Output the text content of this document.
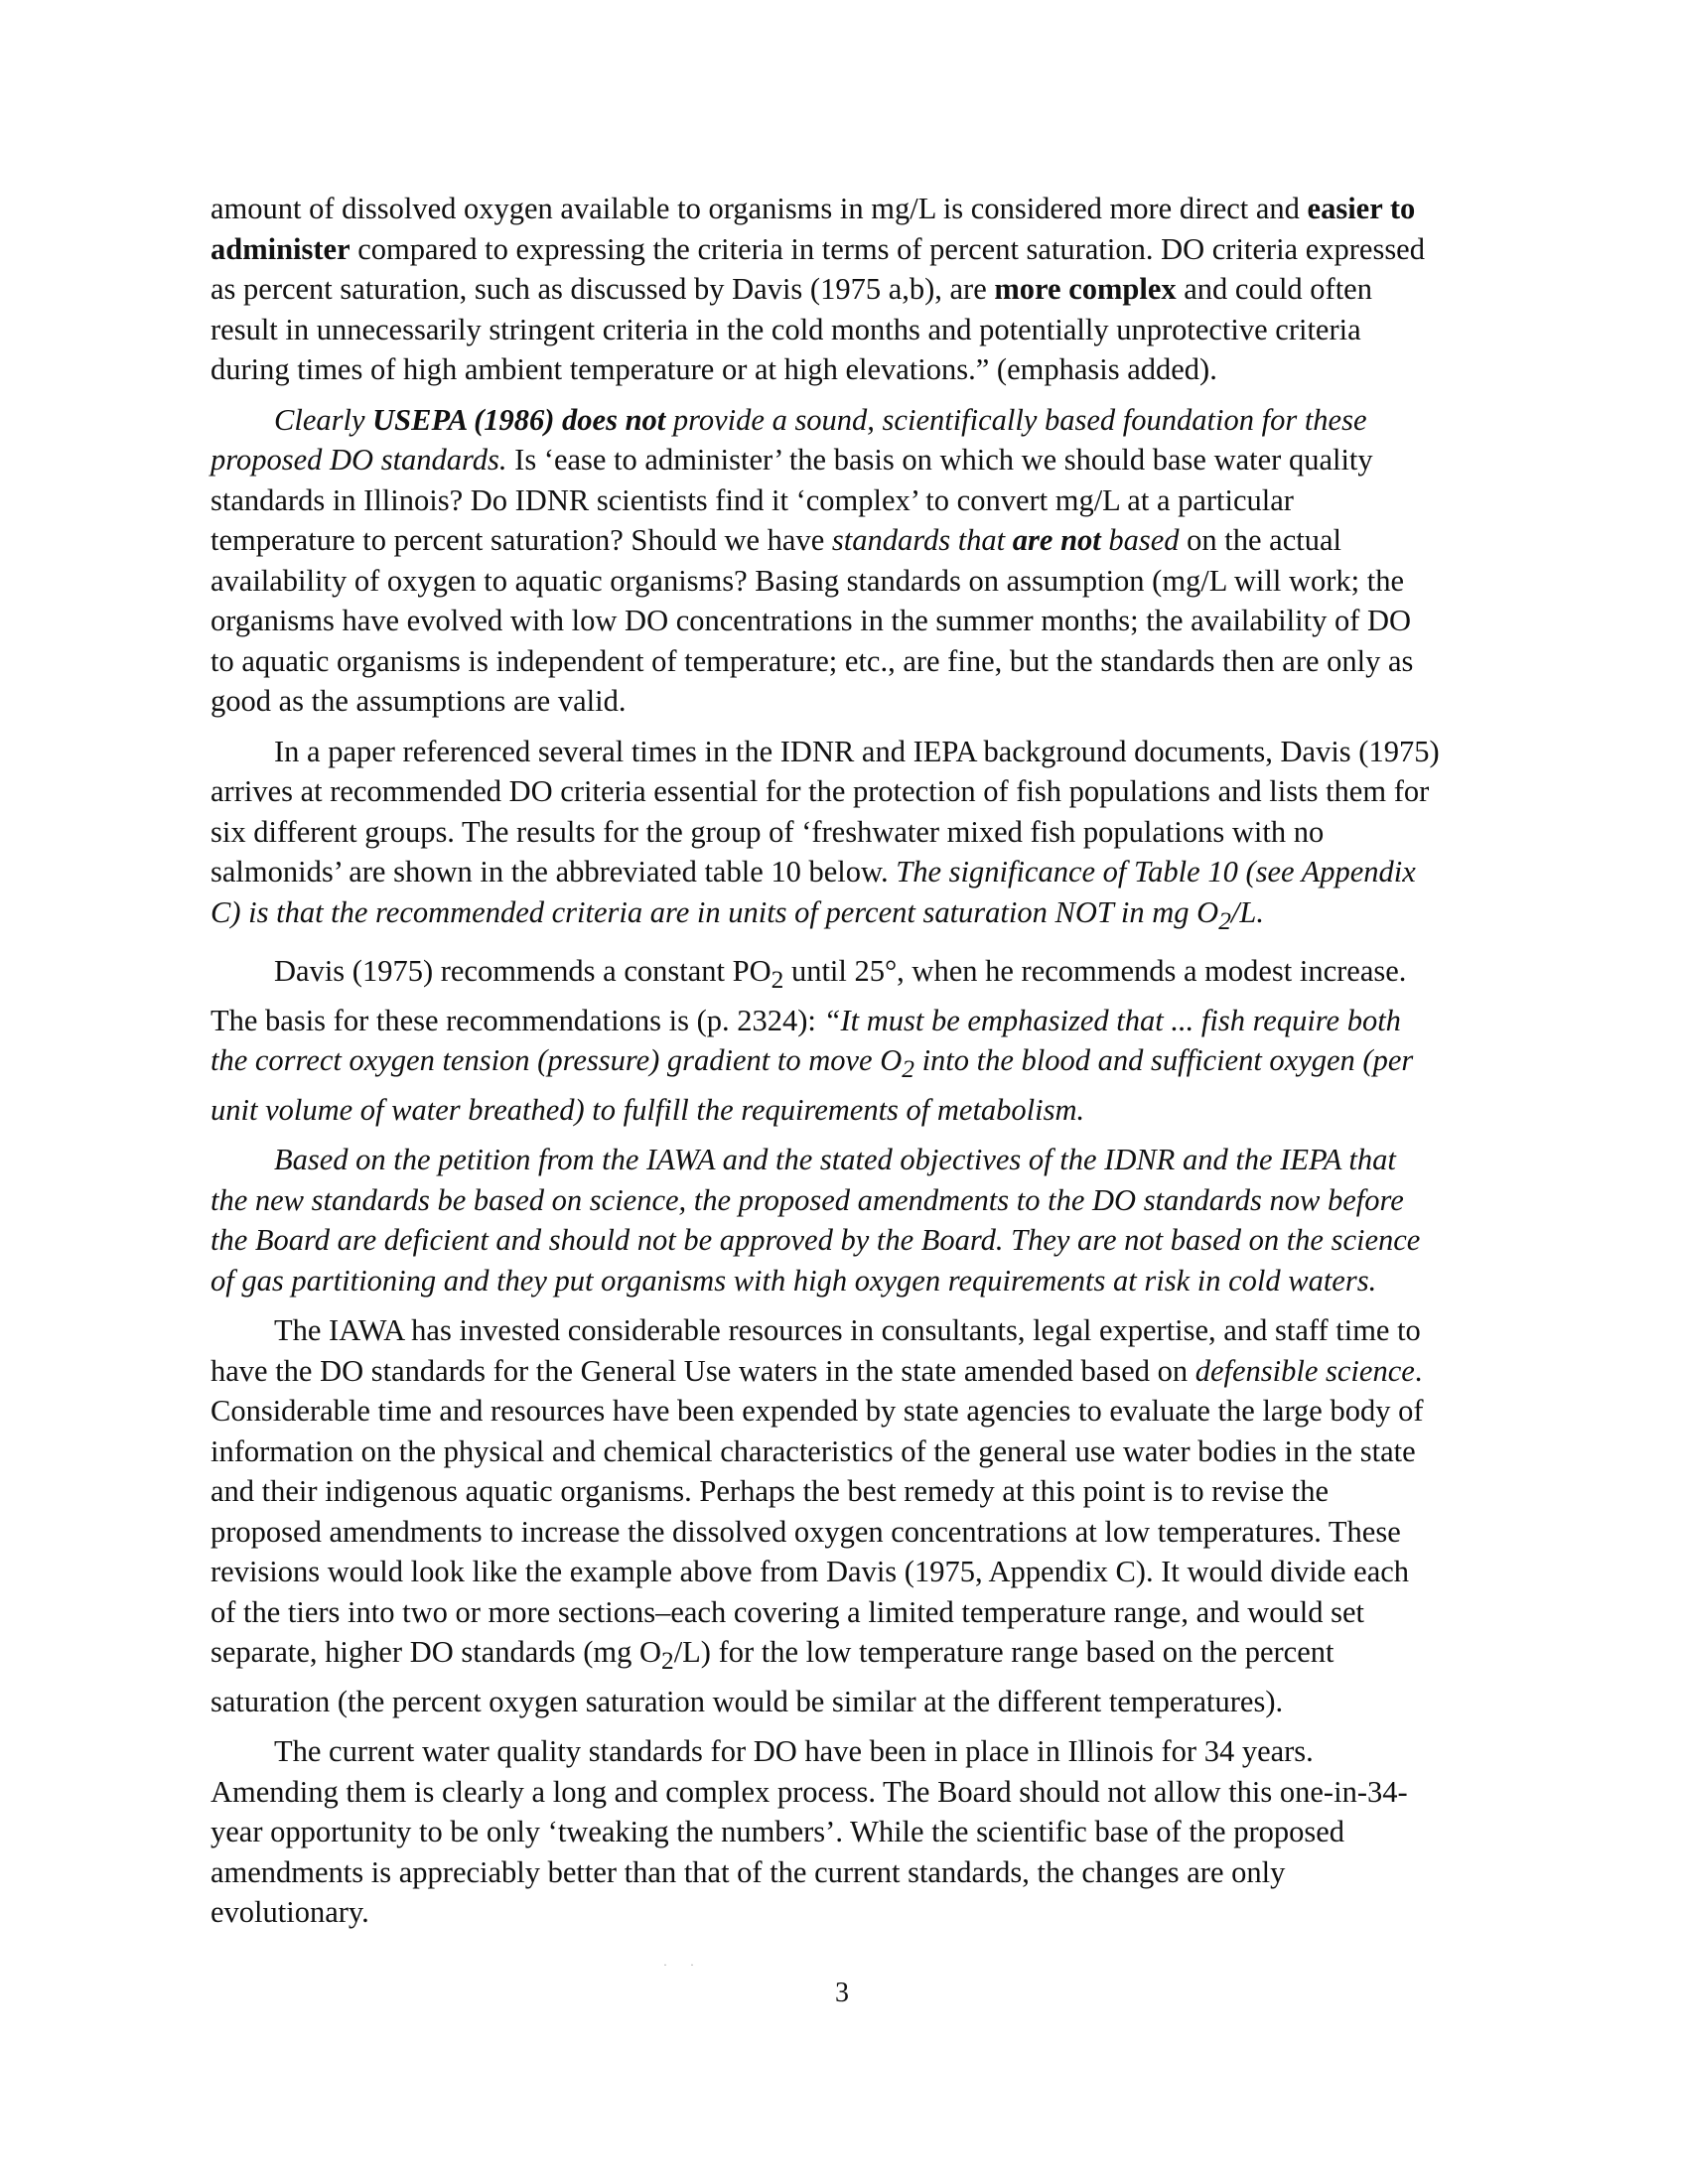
amount of dissolved oxygen available to organisms in mg/L is considered more direct and easier to
administer compared to expressing the criteria in terms of percent saturation. DO criteria expressed
as percent saturation, such as discussed by Davis (1975 a,b), are more complex and could often
result in unnecessarily stringent criteria in the cold months and potentially unprotective criteria
during times of high ambient temperature or at high elevations.” (emphasis added).
Clearly USEPA (1986) does not provide a sound, scientifically based foundation for these
proposed DO standards. Is ‘ease to administer’ the basis on which we should base water quality
standards in Illinois? Do IDNR scientists find it ‘complex’ to convert mg/L at a particular
temperature to percent saturation? Should we have standards that are not based on the actual
availability of oxygen to aquatic organisms? Basing standards on assumption (mg/L will work; the
organisms have evolved with low DO concentrations in the summer months; the availability of DO
to aquatic organisms is independent of temperature; etc., are fine, but the standards then are only as
good as the assumptions are valid.
In a paper referenced several times in the IDNR and IEPA background documents, Davis (1975)
arrives at recommended DO criteria essential for the protection of fish populations and lists them for
six different groups. The results for the group of ‘freshwater mixed fish populations with no
salmonids’ are shown in the abbreviated table 10 below. The significance of Table 10 (see Appendix
C) is that the recommended criteria are in units of percent saturation NOT in mg $O_2/L$.
Davis (1975) recommends a constant $PO_2$ until 25°, when he recommends a modest increase.
The basis for these recommendations is (p. 2324): “It must be emphasized that ... fish require both
the correct oxygen tension (pressure) gradient to move $O_2$ into the blood and sufficient oxygen (per
unit volume of water breathed) to fulfill the requirements of metabolism.
Based on the petition from the IAWA and the stated objectives of the IDNR and the IEPA that
the new standards be based on science, the proposed amendments to the DO standards now before
the Board are deficient and should not be approved by the Board. They are not based on the science
of gas partitioning and they put organisms with high oxygen requirements at risk in cold waters.
The IAWA has invested considerable resources in consultants, legal expertise, and staff time to
have the DO standards for the General Use waters in the state amended based on defensible science.
Considerable time and resources have been expended by state agencies to evaluate the large body of
information on the physical and chemical characteristics of the general use water bodies in the state
and their indigenous aquatic organisms. Perhaps the best remedy at this point is to revise the
proposed amendments to increase the dissolved oxygen concentrations at low temperatures. These
revisions would look like the example above from Davis (1975, Appendix C). It would divide each
of the tiers into two or more sections–each covering a limited temperature range, and would set
separate, higher DO standards (mg $O_2/L$) for the low temperature range based on the percent
saturation (the percent oxygen saturation would be similar at the different temperatures).
The current water quality standards for DO have been in place in Illinois for 34 years.
Amending them is clearly a long and complex process. The Board should not allow this one-in-34-
year opportunity to be only ‘tweaking the numbers’. While the scientific base of the proposed
amendments is appreciably better than that of the current standards, the changes are only
evolutionary.
· ·
3
